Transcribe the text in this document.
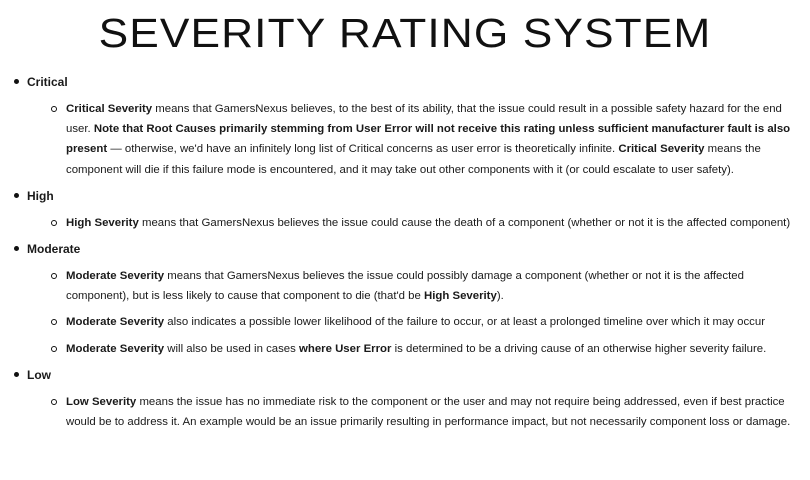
SEVERITY RATING SYSTEM
Critical
Critical Severity means that GamersNexus believes, to the best of its ability, that the issue could result in a possible safety hazard for the end user. Note that Root Causes primarily stemming from User Error will not receive this rating unless sufficient manufacturer fault is also present — otherwise, we'd have an infinitely long list of Critical concerns as user error is theoretically infinite. Critical Severity means the component will die if this failure mode is encountered, and it may take out other components with it (or could escalate to user safety).
High
High Severity means that GamersNexus believes the issue could cause the death of a component (whether or not it is the affected component)
Moderate
Moderate Severity means that GamersNexus believes the issue could possibly damage a component (whether or not it is the affected component), but is less likely to cause that component to die (that'd be High Severity).
Moderate Severity also indicates a possible lower likelihood of the failure to occur, or at least a prolonged timeline over which it may occur
Moderate Severity will also be used in cases where User Error is determined to be a driving cause of an otherwise higher severity failure.
Low
Low Severity means the issue has no immediate risk to the component or the user and may not require being addressed, even if best practice would be to address it. An example would be an issue primarily resulting in performance impact, but not necessarily component loss or damage.
